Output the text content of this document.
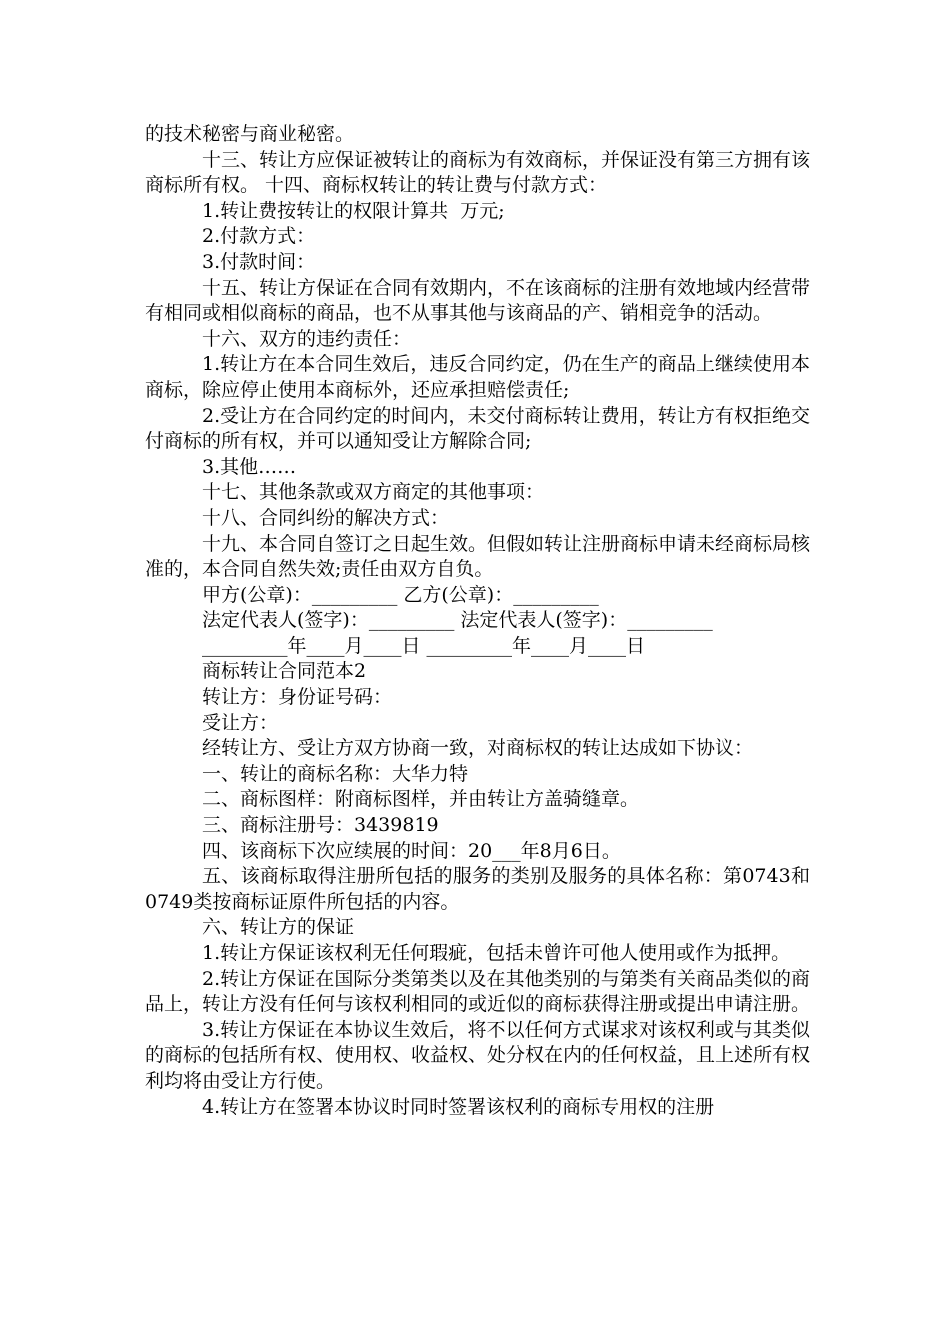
的技术秘密与商业秘密。

十三、转让方应保证被转让的商标为有效商标，并保证没有第三方拥有该商标所有权。 十四、商标权转让的转让费与付款方式：

1.转让费按转让的权限计算共  万元;

2.付款方式：

3.付款时间：

十五、转让方保证在合同有效期内，不在该商标的注册有效地域内经营带有相同或相似商标的商品，也不从事其他与该商品的产、销相竞争的活动。

十六、双方的违约责任：

1.转让方在本合同生效后，违反合同约定，仍在生产的商品上继续使用本商标，除应停止使用本商标外，还应承担赔偿责任;

2.受让方在合同约定的时间内，未交付商标转让费用，转让方有权拒绝交付商标的所有权，并可以通知受让方解除合同;

3.其他……

十七、其他条款或双方商定的其他事项：

十八、合同纠纷的解决方式：

十九、本合同自签订之日起生效。但假如转让注册商标申请未经商标局核准的，本合同自然失效;责任由双方自负。

甲方(公章)：_________ 乙方(公章)：_________

法定代表人(签字)：_________ 法定代表人(签字)：_________

_________年____月____日 _________年____月____日

商标转让合同范本2

转让方：身份证号码：

受让方：

经转让方、受让方双方协商一致，对商标权的转让达成如下协议：

一、转让的商标名称：大华力特

二、商标图样：附商标图样，并由转让方盖骑缝章。

三、商标注册号：3439819

四、该商标下次应续展的时间：20___年8月6日。

五、该商标取得注册所包括的服务的类别及服务的具体名称：第0743和0749类按商标证原件所包括的内容。

六、转让方的保证

1.转让方保证该权利无任何瑕疵，包括未曾许可他人使用或作为抵押。

2.转让方保证在国际分类第类以及在其他类别的与第类有关商品类似的商品上，转让方没有任何与该权利相同的或近似的商标获得注册或提出申请注册。

3.转让方保证在本协议生效后，将不以任何方式谋求对该权利或与其类似的商标的包括所有权、使用权、收益权、处分权在内的任何权益，且上述所有权利均将由受让方行使。

4.转让方在签署本协议时同时签署该权利的商标专用权的注册
